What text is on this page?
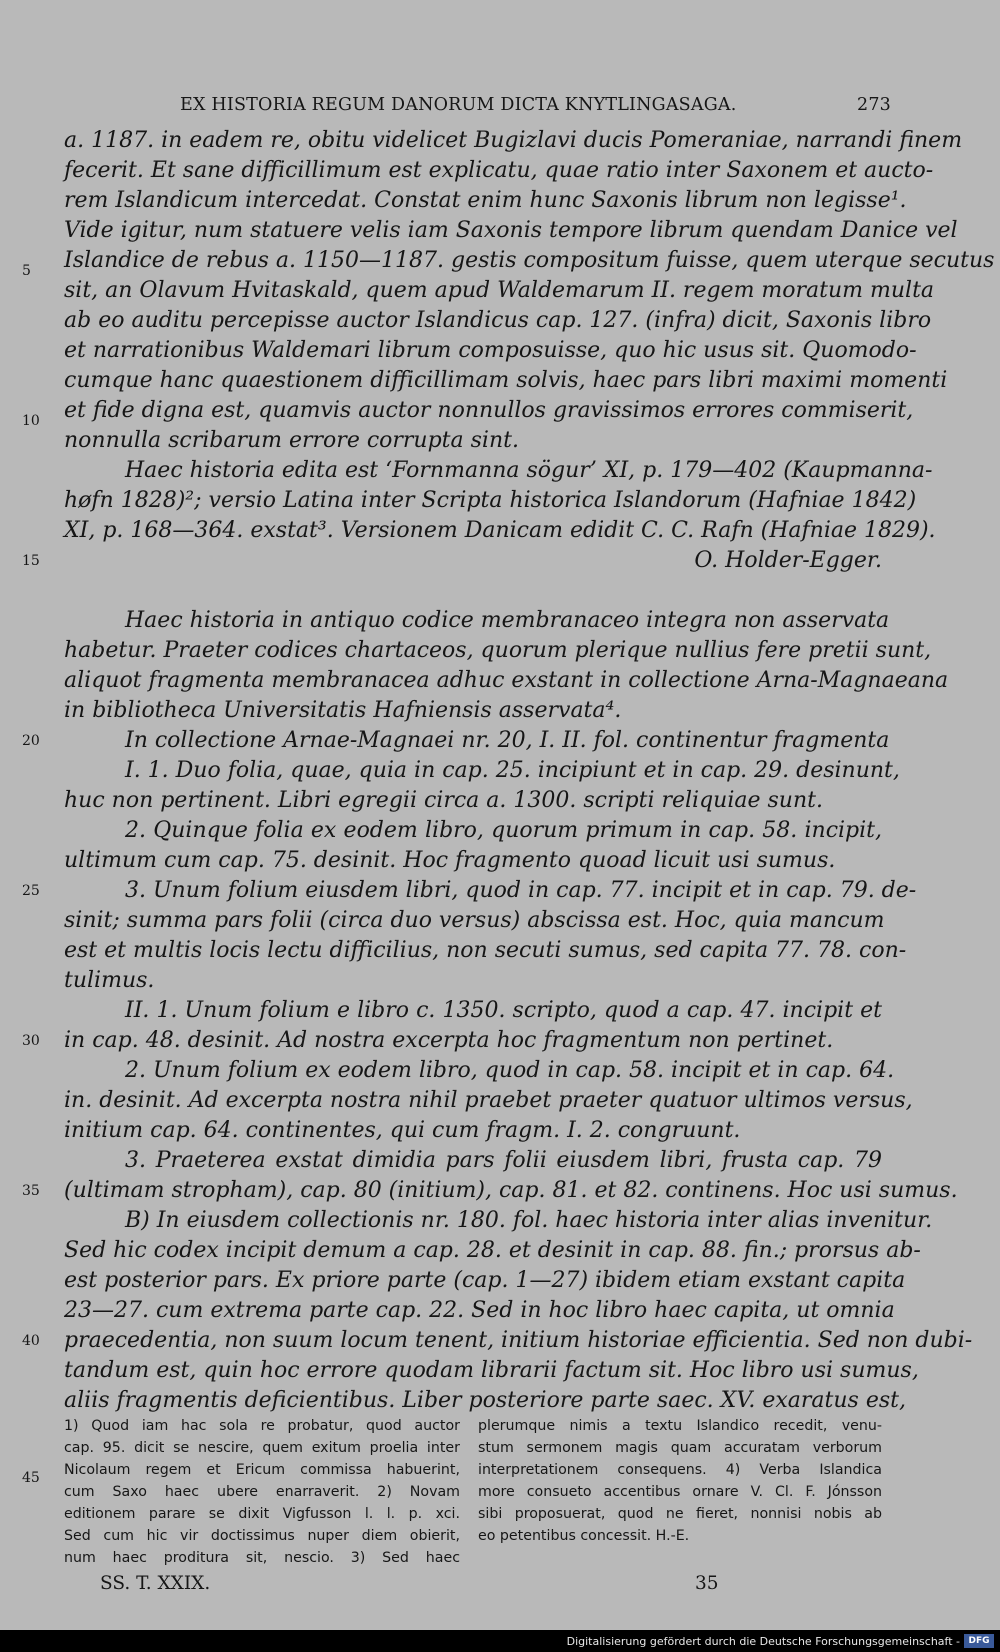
EX HISTORIA REGUM DANORUM DICTA KNYTLINGASAGA.	273
a. 1187. in eadem re, obitu videlicet Bugizlavi ducis Pomeraniae, narrandi finem
fecerit. Et sane difficillimum est explicatu, quae ratio inter Saxonem et aucto-
rem Islandicum intercedat. Constat enim hunc Saxonis librum non legisse¹.
Vide igitur, num statuere velis iam Saxonis tempore librum quendam Danice vel
Islandice de rebus a. 1150—1187. gestis compositum fuisse, quem uterque secutus
sit, an Olavum Hvitaskald, quem apud Waldemarum II. regem moratum multa
ab eo auditu percepisse auctor Islandicus cap. 127. (infra) dicit, Saxonis libro
et narrationibus Waldemari librum composuisse, quo hic usus sit. Quomodo-
cumque hanc quaestionem difficillimam solvis, haec pars libri maximi momenti
et fide digna est, quamvis auctor nonnullos gravissimos errores commiserit,
nonnulla scribarum errore corrupta sint.
Haec historia edita est ‘Fornmanna sögur’ XI, p. 179—402 (Kaupmanna-
høfn 1828)²; versio Latina inter Scripta historica Islandorum (Hafniae 1842)
XI, p. 168—364. exstat³. Versionem Danicam edidit C. C. Rafn (Hafniae 1829).
O. Holder-Egger.
Haec historia in antiquo codice membranaceo integra non asservata
habetur. Praeter codices chartaceos, quorum plerique nullius fere pretii sunt,
aliquot fragmenta membranacea adhuc exstant in collectione Arna-Magnaeana
in bibliotheca Universitatis Hafniensis asservata⁴.
In collectione Arnae-Magnaei nr. 20, I. II. fol. continentur fragmenta
I. 1. Duo folia, quae, quia in cap. 25. incipiunt et in cap. 29. desinunt,
huc non pertinent. Libri egregii circa a. 1300. scripti reliquiae sunt.
2. Quinque folia ex eodem libro, quorum primum in cap. 58. incipit,
ultimum cum cap. 75. desinit. Hoc fragmento quoad licuit usi sumus.
3. Unum folium eiusdem libri, quod in cap. 77. incipit et in cap. 79. de-
sinit; summa pars folii (circa duo versus) abscissa est. Hoc, quia mancum
est et multis locis lectu difficilius, non secuti sumus, sed capita 77. 78. con-
tulimus.
II. 1. Unum folium e libro c. 1350. scripto, quod a cap. 47. incipit et
in cap. 48. desinit. Ad nostra excerpta hoc fragmentum non pertinet.
2. Unum folium ex eodem libro, quod in cap. 58. incipit et in cap. 64.
in. desinit. Ad excerpta nostra nihil praebet praeter quatuor ultimos versus,
initium cap. 64. continentes, qui cum fragm. I. 2. congruunt.
3. Praeterea exstat dimidia pars folii eiusdem libri, frusta cap. 79
(ultimam stropham), cap. 80 (initium), cap. 81. et 82. continens. Hoc usi sumus.
B) In eiusdem collectionis nr. 180. fol. haec historia inter alias invenitur.
Sed hic codex incipit demum a cap. 28. et desinit in cap. 88. fin.; prorsus ab-
est posterior pars. Ex priore parte (cap. 1—27) ibidem etiam exstant capita
23—27. cum extrema parte cap. 22. Sed in hoc libro haec capita, ut omnia
praecedentia, non suum locum tenent, initium historiae efficientia. Sed non dubi-
tandum est, quin hoc errore quodam librarii factum sit. Hoc libro usi sumus,
aliis fragmentis deficientibus. Liber posteriore parte saec. XV. exaratus est,
5
10
15
20
25
30
35
40
45
1) Quod iam hac sola re probatur, quod auctor
cap. 95. dicit se nescire, quem exitum proelia inter
Nicolaum regem et Ericum commissa habuerint,
cum Saxo haec ubere enarraverit. 2) Novam
editionem parare se dixit Vigfusson l. l. p. xci.
Sed cum hic vir doctissimus nuper diem obierit,
num haec proditura sit, nescio. 3) Sed haec
plerumque nimis a textu Islandico recedit, venu-
stum sermonem magis quam accuratam verborum
interpretationem consequens. 4) Verba Islandica
more consueto accentibus ornare V. Cl. F. Jónsson
sibi proposuerat, quod ne fieret, nonnisi nobis ab
eo petentibus concessit. H.-E.
SS. T. XXIX.	35
Digitalisierung gefördert durch die Deutsche Forschungsgemeinschaft - DFG
